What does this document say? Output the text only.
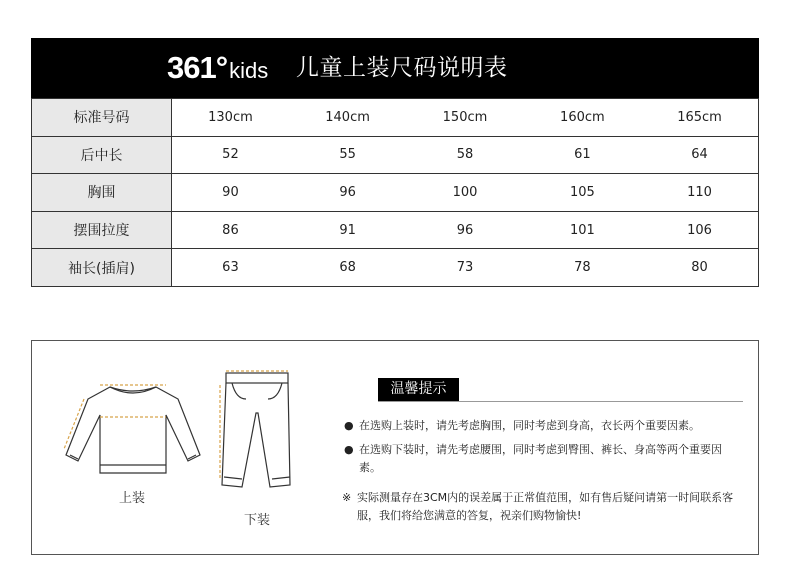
361° kids 儿童上装尺码说明表
标准号码	130cm	140cm	150cm	160cm	165cm
后中长	52	55	58	61	64
胸围	90	96	100	105	110
摆围拉度	86	91	96	101	106
袖长(插肩)	63	68	73	78	80
上装
下装
温馨提示
● 在选购上装时，请先考虑胸围，同时考虑到身高，衣长两个重要因素。
● 在选购下装时，请先考虑腰围，同时考虑到臀围、裤长、身高等两个重要因素。
※ 实际测量存在3CM内的误差属于正常值范围，如有售后疑问请第一时间联系客服，我们将给您满意的答复，祝亲们购物愉快!
